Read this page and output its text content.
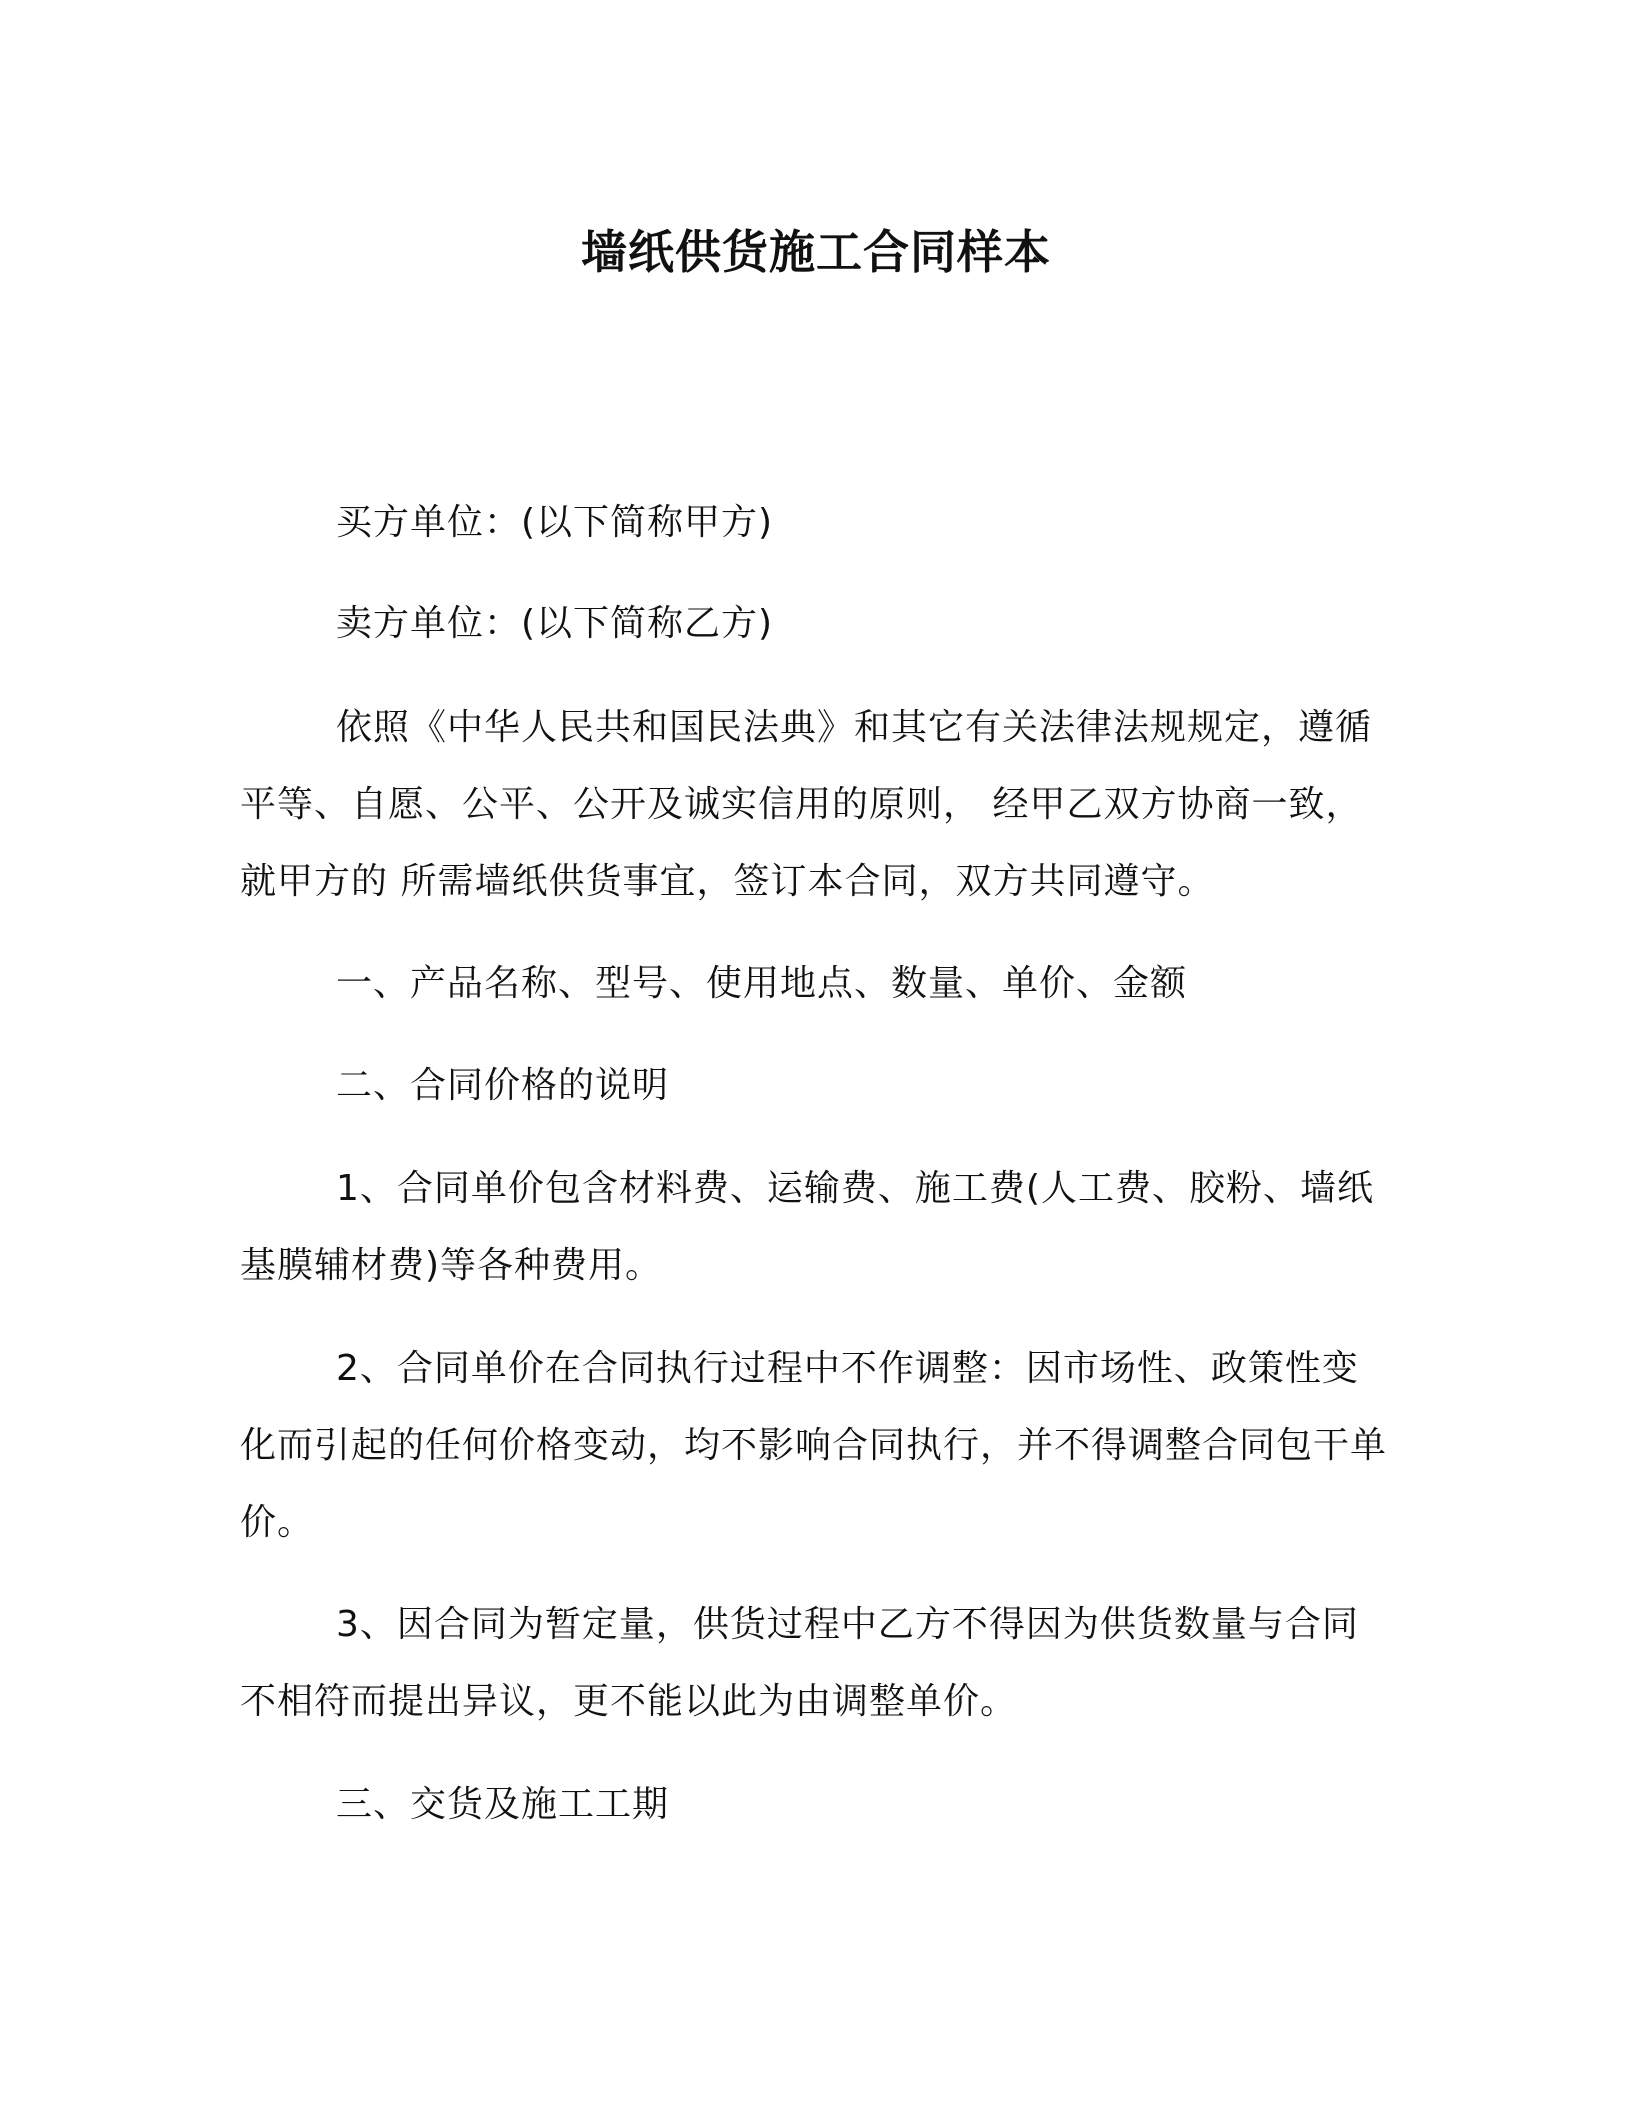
墙纸供货施工合同样本

买方单位：(以下简称甲方)

卖方单位：(以下简称乙方)

依照《中华人民共和国民法典》和其它有关法律法规规定，遵循平等、自愿、公平、公开及诚实信用的原则， 经甲乙双方协商一致，就甲方的 所需墙纸供货事宜，签订本合同，双方共同遵守。

一、产品名称、型号、使用地点、数量、单价、金额

二、合同价格的说明

1、合同单价包含材料费、运输费、施工费(人工费、胶粉、墙纸基膜辅材费)等各种费用。

2、合同单价在合同执行过程中不作调整：因市场性、政策性变化而引起的任何价格变动，均不影响合同执行，并不得调整合同包干单价。

3、因合同为暂定量，供货过程中乙方不得因为供货数量与合同不相符而提出异议，更不能以此为由调整单价。

三、交货及施工工期
